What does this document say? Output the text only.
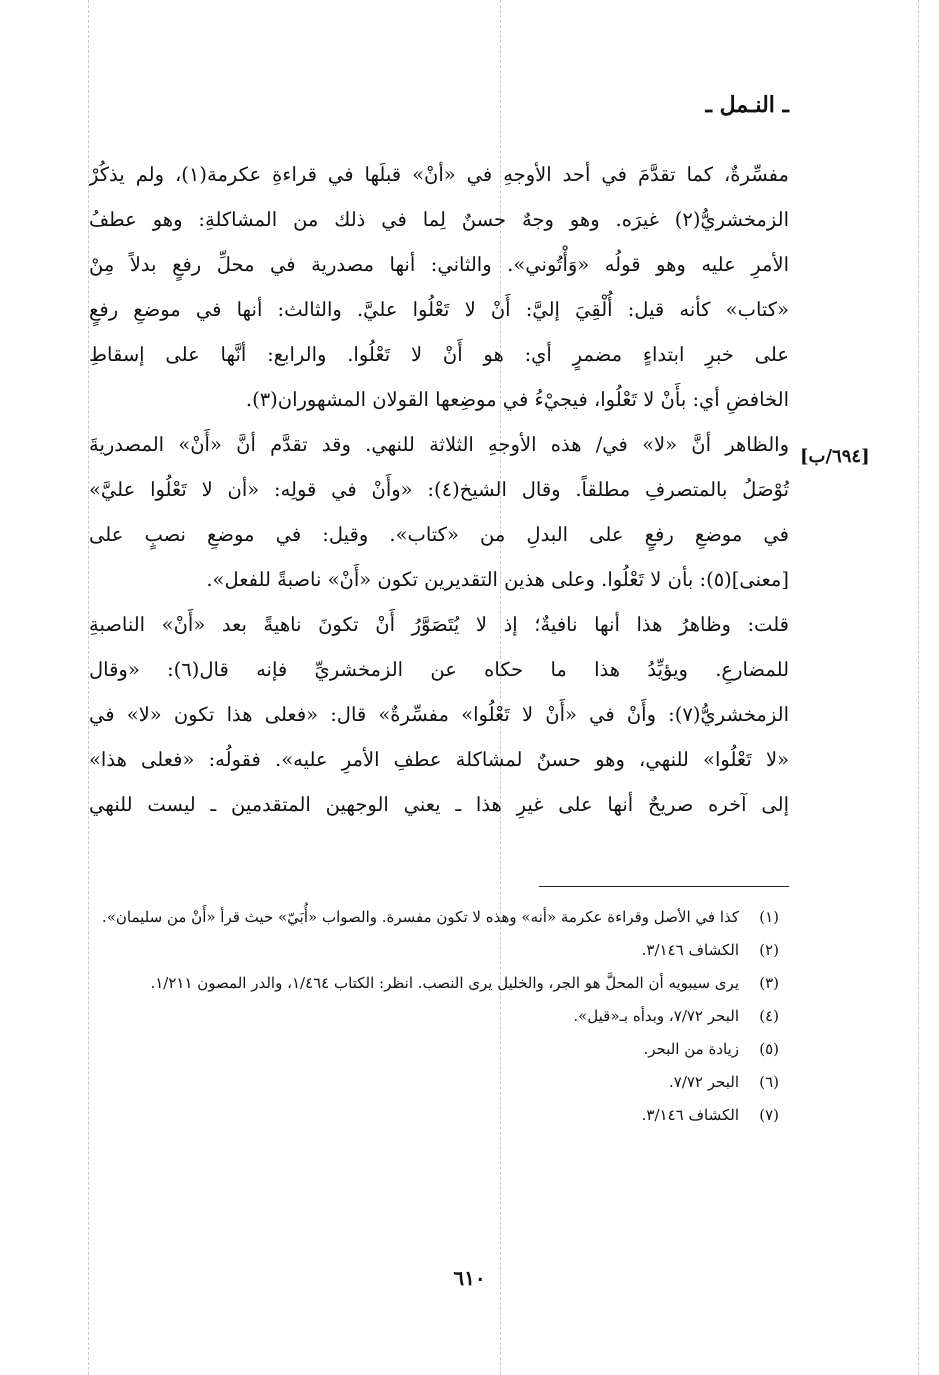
ـ النـمل ـ
مفسِّرةٌ، كما تقدَّمَ في أحد الأوجهِ في «أنْ» قبلَها في قراءةِ عكرمة(١)، ولم يذكُرْ
الزمخشريُّ(٢) غيرَه. وهو وجهٌ حسنٌ لِما في ذلك من المشاكلةِ: وهو عطفُ
الأمرِ عليه وهو قولُه «وَأْتُوني». والثاني: أنها مصدرية في محلِّ رفعٍ بدلاً مِنْ
«كتاب» كأنه قيل: أُلْقِيَ إليَّ: أَنْ لا تَعْلُوا عليَّ. والثالث: أنها في موضعِ رفعٍ
على خبرِ ابتداءٍ مضمرٍ أي: هو أَنْ لا تَعْلُوا. والرابع: أنَّها على إسقاطِ
الخافضِ أي: بأَنْ لا تَعْلُوا، فيجيْءُ في موضِعها القولان المشهوران(٣).
والظاهر أنَّ «لا» في/ هذه الأوجهِ الثلاثة للنهي. وقد تقدَّم أنَّ «أَنْ» المصدريةَ
تُوْصَلُ بالمتصرفِ مطلقاً. وقال الشيخ(٤): «وأَنْ في قولِه: «أن لا تَعْلُوا عليَّ»
في موضعِ رفعٍ على البدلِ من «كتاب». وقيل: في موضعِ نصبٍ على
[معنى](٥): بأن لا تَعْلُوا. وعلى هذين التقديرين تكون «أَنْ» ناصبةً للفعل».
قلت: وظاهرُ هذا أنها نافيةٌ؛ إذ لا يُتَصَوَّرُ أَنْ تكونَ ناهيةً بعد «أَنْ» الناصبةِ
للمضارعِ. ويؤيِّدُ هذا ما حكاه عن الزمخشريِّ فإنه قال(٦): «وقال
الزمخشريُّ(٧): وأَنْ في «أَنْ لا تَعْلُوا» مفسِّرةٌ» قال: «فعلى هذا تكون «لا» في
«لا تَعْلُوا» للنهي، وهو حسنٌ لمشاكلة عطفِ الأمرِ عليه». فقولُه: «فعلى هذا»
إلى آخره صريحٌ أنها على غيرِ هذا ـ يعني الوجهين المتقدمين ـ ليست للنهي
[٦٩٤/ب]
(١)
كذا في الأصل وقراءة عكرمة «أنه» وهذه لا تكون مفسرة. والصواب «أُبَيّ» حيث قرأ «أَنْ من سليمان».
(٢)
الكشاف ٣/١٤٦.
(٣)
يرى سيبويه أن المحلَّ هو الجر، والخليل يرى النصب. انظر: الكتاب ١/٤٦٤، والدر المصون ١/٢١١.
(٤)
البحر ٧/٧٢، وبدأه بـ«قيل».
(٥)
زيادة من البحر.
(٦)
البحر ٧/٧٢.
(٧)
الكشاف ٣/١٤٦.
٦١٠
